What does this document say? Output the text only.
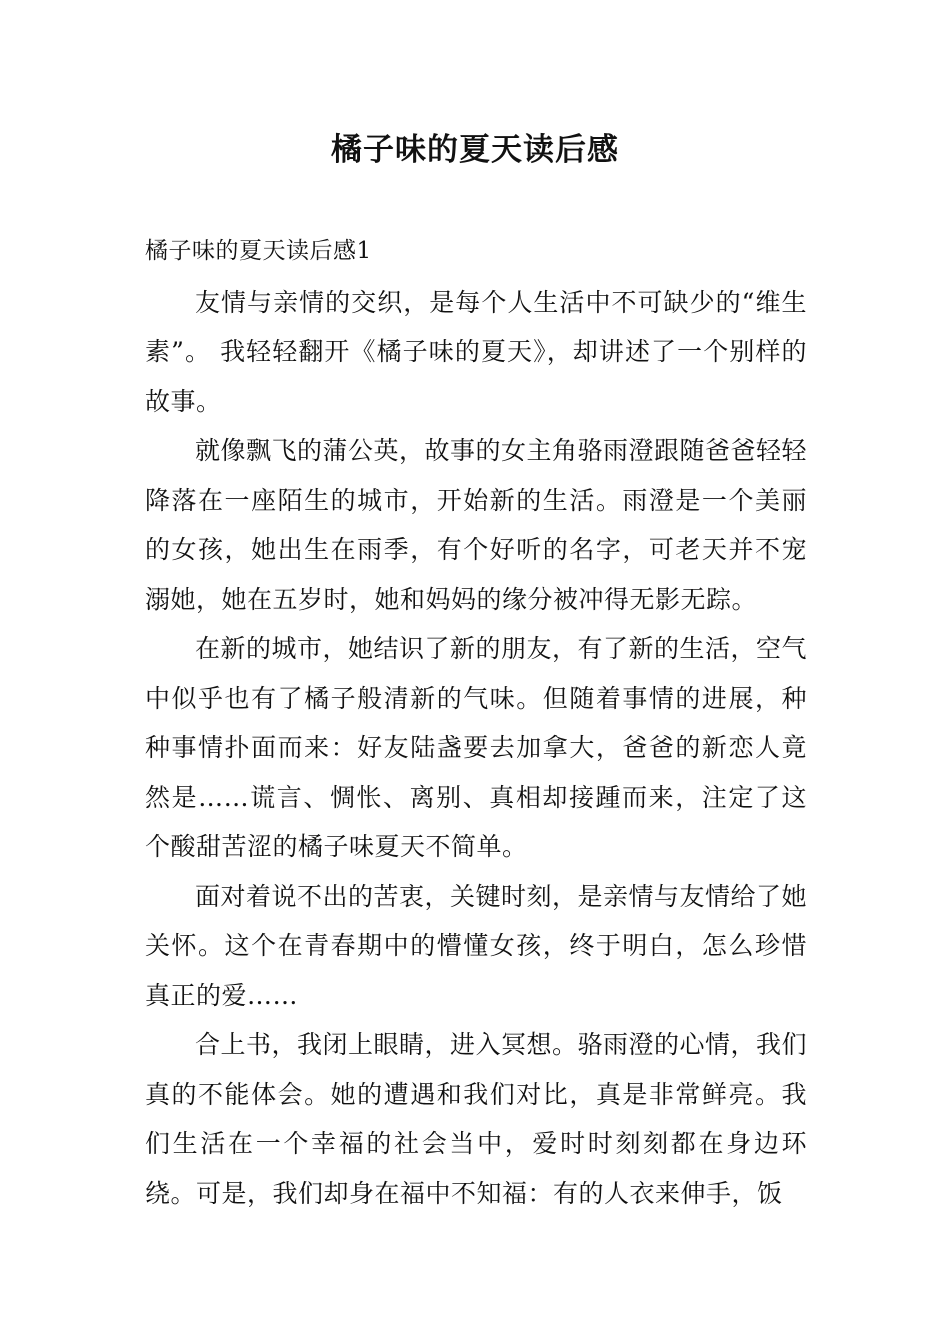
橘子味的夏天读后感

橘子味的夏天读后感1

友情与亲情的交织，是每个人生活中不可缺少的“维生素”。 我轻轻翻开《橘子味的夏天》，却讲述了一个别样的故事。

就像飘飞的蒲公英，故事的女主角骆雨澄跟随爸爸轻轻降落在一座陌生的城市，开始新的生活。雨澄是一个美丽的女孩，她出生在雨季，有个好听的名字，可老天并不宠溺她，她在五岁时，她和妈妈的缘分被冲得无影无踪。

在新的城市，她结识了新的朋友，有了新的生活，空气中似乎也有了橘子般清新的气味。但随着事情的进展，种种事情扑面而来：好友陆盏要去加拿大，爸爸的新恋人竟然是……谎言、惆怅、离别、真相却接踵而来，注定了这个酸甜苦涩的橘子味夏天不简单。

面对着说不出的苦衷，关键时刻，是亲情与友情给了她关怀。这个在青春期中的懵懂女孩，终于明白，怎么珍惜真正的爱……

合上书，我闭上眼睛，进入冥想。骆雨澄的心情，我们真的不能体会。她的遭遇和我们对比，真是非常鲜亮。我们生活在一个幸福的社会当中，爱时时刻刻都在身边环绕。可是，我们却身在福中不知福：有的人衣来伸手，饭
